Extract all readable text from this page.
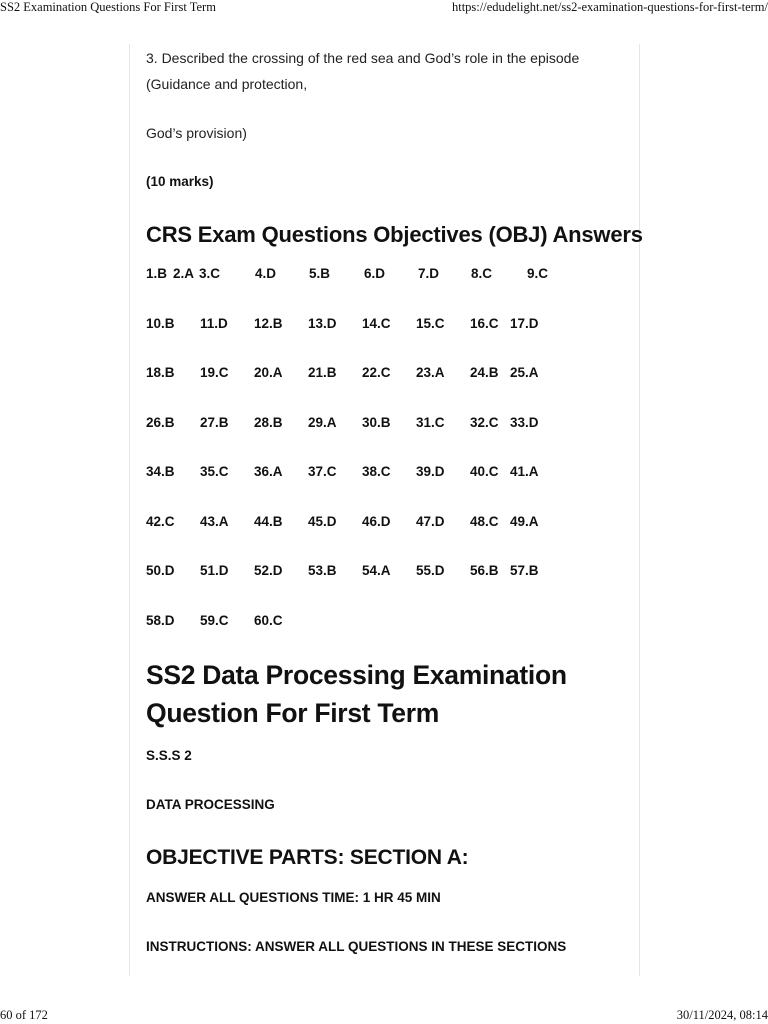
SS2 Examination Questions For First Term	https://edudelight.net/ss2-examination-questions-for-first-term/
3. Described the crossing of the red sea and God’s role in the episode
(Guidance and protection,
God’s provision)
(10 marks)
CRS Exam Questions Objectives (OBJ) Answers
1.B 2.A 3.C	4.D 5.B	6.D 7.D 8.C	9.C
10.B 11.D 12.B 13.D 14.C 15.C 16.C 17.D
18.B 19.C 20.A 21.B 22.C 23.A 24.B 25.A
26.B 27.B 28.B 29.A 30.B 31.C 32.C 33.D
34.B 35.C 36.A 37.C 38.C 39.D 40.C 41.A
42.C 43.A 44.B 45.D 46.D 47.D 48.C 49.A
50.D 51.D 52.D 53.B 54.A 55.D 56.B 57.B
58.D 59.C 60.C
SS2 Data Processing Examination
Question For First Term
S.S.S 2
DATA PROCESSING
OBJECTIVE PARTS: SECTION A:
ANSWER ALL QUESTIONS TIME: 1 HR 45 MIN
INSTRUCTIONS: ANSWER ALL QUESTIONS IN THESE SECTIONS
60 of 172	30/11/2024, 08:14
